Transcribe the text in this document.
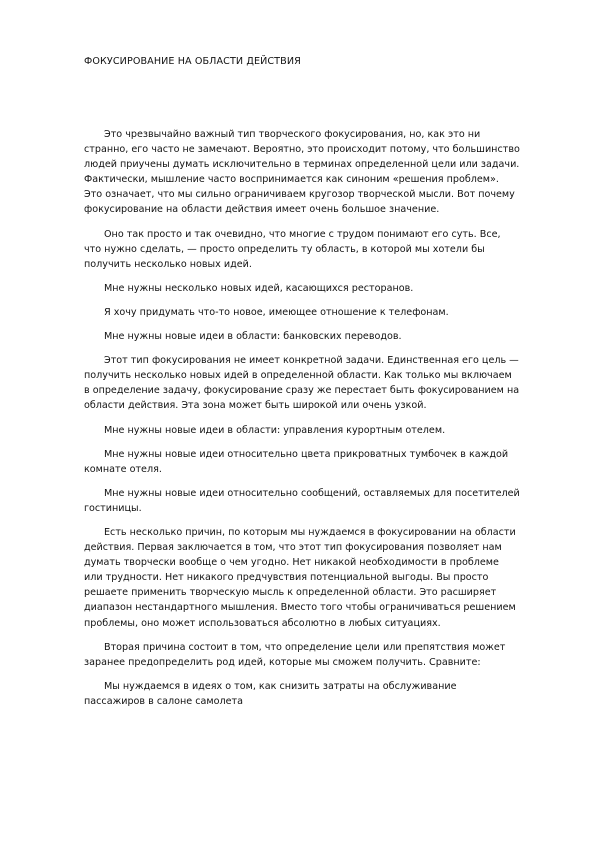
ФОКУСИРОВАНИЕ НА ОБЛАСТИ ДЕЙСТВИЯ

Это чрезвычайно важный тип творческого фокусирования, но, как это ни странно, его часто не замечают. Вероятно, это происходит потому, что большинство людей приучены думать исключительно в терминах определенной цели или задачи. Фактически, мышление часто воспринимается как синоним «решения проблем». Это означает, что мы сильно ограничиваем кругозор творческой мысли. Вот почему фокусирование на области действия имеет очень большое значение.

Оно так просто и так очевидно, что многие с трудом понимают его суть. Все, что нужно сделать, — просто определить ту область, в которой мы хотели бы получить несколько новых идей.

Мне нужны несколько новых идей, касающихся ресторанов.

Я хочу придумать что-то новое, имеющее отношение к телефонам.

Мне нужны новые идеи в области: банковских переводов.

Этот тип фокусирования не имеет конкретной задачи. Единственная его цель — получить несколько новых идей в определенной области. Как только мы включаем в определение задачу, фокусирование сразу же перестает быть фокусированием на области действия. Эта зона может быть широкой или очень узкой.

Мне нужны новые идеи в области: управления курортным отелем.

Мне нужны новые идеи относительно цвета прикроватных тумбочек в каждой комнате отеля.

Мне нужны новые идеи относительно сообщений, оставляемых для посетителей гостиницы.

Есть несколько причин, по которым мы нуждаемся в фокусировании на области действия. Первая заключается в том, что этот тип фокусирования позволяет нам думать творчески вообще о чем угодно. Нет никакой необходимости в проблеме или трудности. Нет никакого предчувствия потенциальной выгоды. Вы просто решаете применить творческую мысль к определенной области. Это расширяет диапазон нестандартного мышления. Вместо того чтобы ограничиваться решением проблемы, оно может использоваться абсолютно в любых ситуациях.

Вторая причина состоит в том, что определение цели или препятствия может заранее предопределить род идей, которые мы сможем получить. Сравните:

Мы нуждаемся в идеях о том, как снизить затраты на обслуживание пассажиров в салоне самолета
